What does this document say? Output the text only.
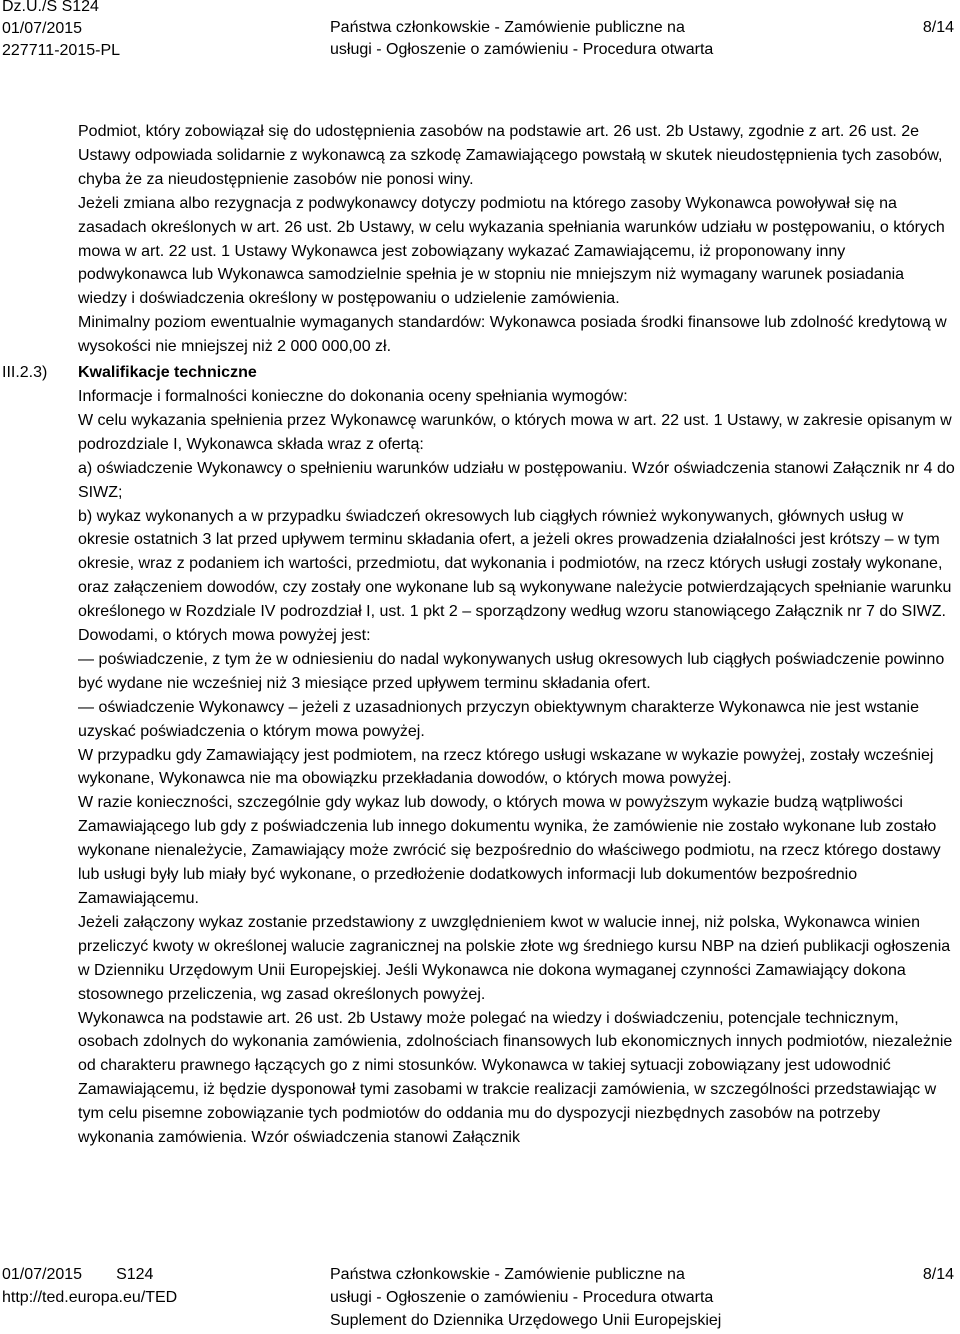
Dz.U./S S124
01/07/2015
227711-2015-PL
Państwa członkowskie - Zamówienie publiczne na
usługi - Ogłoszenie o zamówieniu - Procedura otwarta
8/14

Podmiot, który zobowiązał się do udostępnienia zasobów na podstawie art. 26 ust. 2b Ustawy, zgodnie z art. 26 ust. 2e Ustawy odpowiada solidarnie z wykonawcą za szkodę Zamawiającego powstałą w skutek nieudostępnienia tych zasobów, chyba że za nieudostępnienie zasobów nie ponosi winy.

Jeżeli zmiana albo rezygnacja z podwykonawcy dotyczy podmiotu na którego zasoby Wykonawca powoływał się na zasadach określonych w art. 26 ust. 2b Ustawy, w celu wykazania spełniania warunków udziału w postępowaniu, o których mowa w art. 22 ust. 1 Ustawy Wykonawca jest zobowiązany wykazać Zamawiającemu, iż proponowany inny podwykonawca lub Wykonawca samodzielnie spełnia je w stopniu nie mniejszym niż wymagany warunek posiadania wiedzy i doświadczenia określony w postępowaniu o udzielenie zamówienia.

Minimalny poziom ewentualnie wymaganych standardów: Wykonawca posiada środki finansowe lub zdolność kredytową w wysokości nie mniejszej niż 2 000 000,00 zł.

III.2.3)	Kwalifikacje techniczne

Informacje i formalności konieczne do dokonania oceny spełniania wymogów:

W celu wykazania spełnienia przez Wykonawcę warunków, o których mowa w art. 22 ust. 1 Ustawy, w zakresie opisanym w podrozdziale I, Wykonawca składa wraz z ofertą:

a) oświadczenie Wykonawcy o spełnieniu warunków udziału w postępowaniu. Wzór oświadczenia stanowi Załącznik nr 4 do SIWZ;

b) wykaz wykonanych a w przypadku świadczeń okresowych lub ciągłych również wykonywanych, głównych usług w okresie ostatnich 3 lat przed upływem terminu składania ofert, a jeżeli okres prowadzenia działalności jest krótszy – w tym okresie, wraz z podaniem ich wartości, przedmiotu, dat wykonania i podmiotów, na rzecz których usługi zostały wykonane, oraz załączeniem dowodów, czy zostały one wykonane lub są wykonywane należycie potwierdzających spełnianie warunku określonego w Rozdziale IV podrozdział I, ust. 1 pkt 2 – sporządzony według wzoru stanowiącego Załącznik nr 7 do SIWZ.

Dowodami, o których mowa powyżej jest:

— poświadczenie, z tym że w odniesieniu do nadal wykonywanych usług okresowych lub ciągłych poświadczenie powinno być wydane nie wcześniej niż 3 miesiące przed upływem terminu składania ofert.

— oświadczenie Wykonawcy – jeżeli z uzasadnionych przyczyn obiektywnym charakterze Wykonawca nie jest wstanie uzyskać poświadczenia o którym mowa powyżej.

W przypadku gdy Zamawiający jest podmiotem, na rzecz którego usługi wskazane w wykazie powyżej, zostały wcześniej wykonane, Wykonawca nie ma obowiązku przekładania dowodów, o których mowa powyżej.

W razie konieczności, szczególnie gdy wykaz lub dowody, o których mowa w powyższym wykazie budzą wątpliwości Zamawiającego lub gdy z poświadczenia lub innego dokumentu wynika, że zamówienie nie zostało wykonane lub zostało wykonane nienależycie, Zamawiający może zwrócić się bezpośrednio do właściwego podmiotu, na rzecz którego dostawy lub usługi były lub miały być wykonane, o przedłożenie dodatkowych informacji lub dokumentów bezpośrednio Zamawiającemu.

Jeżeli załączony wykaz zostanie przedstawiony z uwzględnieniem kwot w walucie innej, niż polska, Wykonawca winien przeliczyć kwoty w określonej walucie zagranicznej na polskie złote wg średniego kursu NBP na dzień publikacji ogłoszenia w Dzienniku Urzędowym Unii Europejskiej. Jeśli Wykonawca nie dokona wymaganej czynności Zamawiający dokona stosownego przeliczenia, wg zasad określonych powyżej.

Wykonawca na podstawie art. 26 ust. 2b Ustawy może polegać na wiedzy i doświadczeniu, potencjale technicznym, osobach zdolnych do wykonania zamówienia, zdolnościach finansowych lub ekonomicznych innych podmiotów, niezależnie od charakteru prawnego łączących go z nimi stosunków. Wykonawca w takiej sytuacji zobowiązany jest udowodnić Zamawiającemu, iż będzie dysponował tymi zasobami w trakcie realizacji zamówienia, w szczególności przedstawiając w tym celu pisemne zobowiązanie tych podmiotów do oddania mu do dyspozycji niezbędnych zasobów na potrzeby wykonania zamówienia. Wzór oświadczenia stanowi Załącznik

01/07/2015 S124
http://ted.europa.eu/TED
Państwa członkowskie - Zamówienie publiczne na
usługi - Ogłoszenie o zamówieniu - Procedura otwarta
Suplement do Dziennika Urzędowego Unii Europejskiej
8/14
